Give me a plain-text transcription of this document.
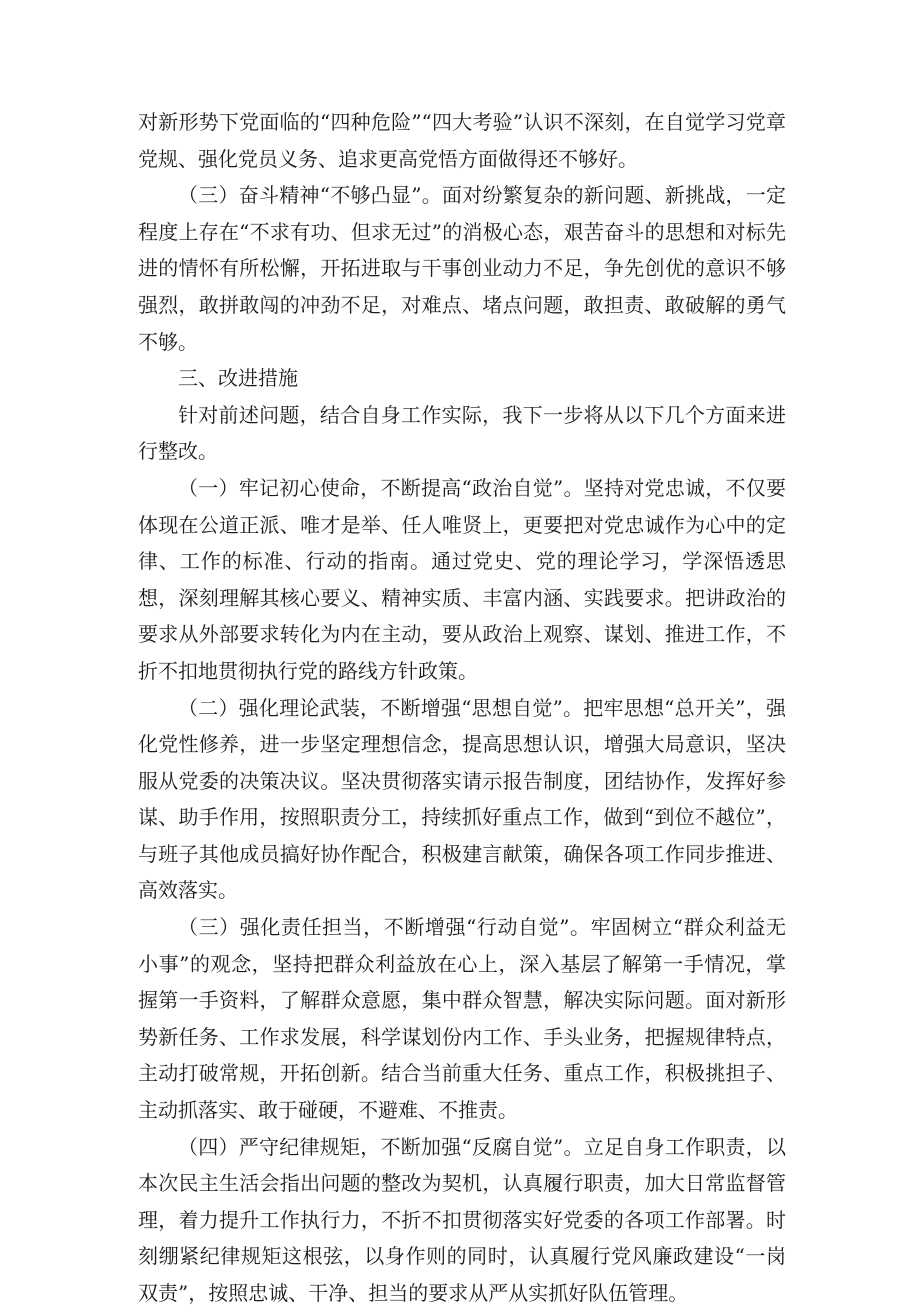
对新形势下党面临的“四种危险”“四大考验”认识不深刻，在自觉学习党章党规、强化党员义务、追求更高党悟方面做得还不够好。

（三）奋斗精神“不够凸显”。面对纷繁复杂的新问题、新挑战，一定程度上存在“不求有功、但求无过”的消极心态，艰苦奋斗的思想和对标先进的情怀有所松懈，开拓进取与干事创业动力不足，争先创优的意识不够强烈，敢拼敢闯的冲劲不足，对难点、堵点问题，敢担责、敢破解的勇气不够。

三、改进措施

针对前述问题，结合自身工作实际，我下一步将从以下几个方面来进行整改。

（一）牢记初心使命，不断提高“政治自觉”。坚持对党忠诚，不仅要体现在公道正派、唯才是举、任人唯贤上，更要把对党忠诚作为心中的定律、工作的标准、行动的指南。通过党史、党的理论学习，学深悟透思想，深刻理解其核心要义、精神实质、丰富内涵、实践要求。把讲政治的要求从外部要求转化为内在主动，要从政治上观察、谋划、推进工作，不折不扣地贯彻执行党的路线方针政策。

（二）强化理论武装，不断增强“思想自觉”。把牢思想“总开关”，强化党性修养，进一步坚定理想信念，提高思想认识，增强大局意识，坚决服从党委的决策决议。坚决贯彻落实请示报告制度，团结协作，发挥好参谋、助手作用，按照职责分工，持续抓好重点工作，做到“到位不越位”，与班子其他成员搞好协作配合，积极建言献策，确保各项工作同步推进、高效落实。

（三）强化责任担当，不断增强“行动自觉”。牢固树立“群众利益无小事”的观念，坚持把群众利益放在心上，深入基层了解第一手情况，掌握第一手资料，了解群众意愿，集中群众智慧，解决实际问题。面对新形势新任务、工作求发展，科学谋划份内工作、手头业务，把握规律特点，主动打破常规，开拓创新。结合当前重大任务、重点工作，积极挑担子、主动抓落实、敢于碰硬，不避难、不推责。

（四）严守纪律规矩，不断加强“反腐自觉”。立足自身工作职责，以本次民主生活会指出问题的整改为契机，认真履行职责，加大日常监督管理，着力提升工作执行力，不折不扣贯彻落实好党委的各项工作部署。时刻绷紧纪律规矩这根弦，以身作则的同时，认真履行党风廉政建设“一岗双责”，按照忠诚、干净、担当的要求从严从实抓好队伍管理。
